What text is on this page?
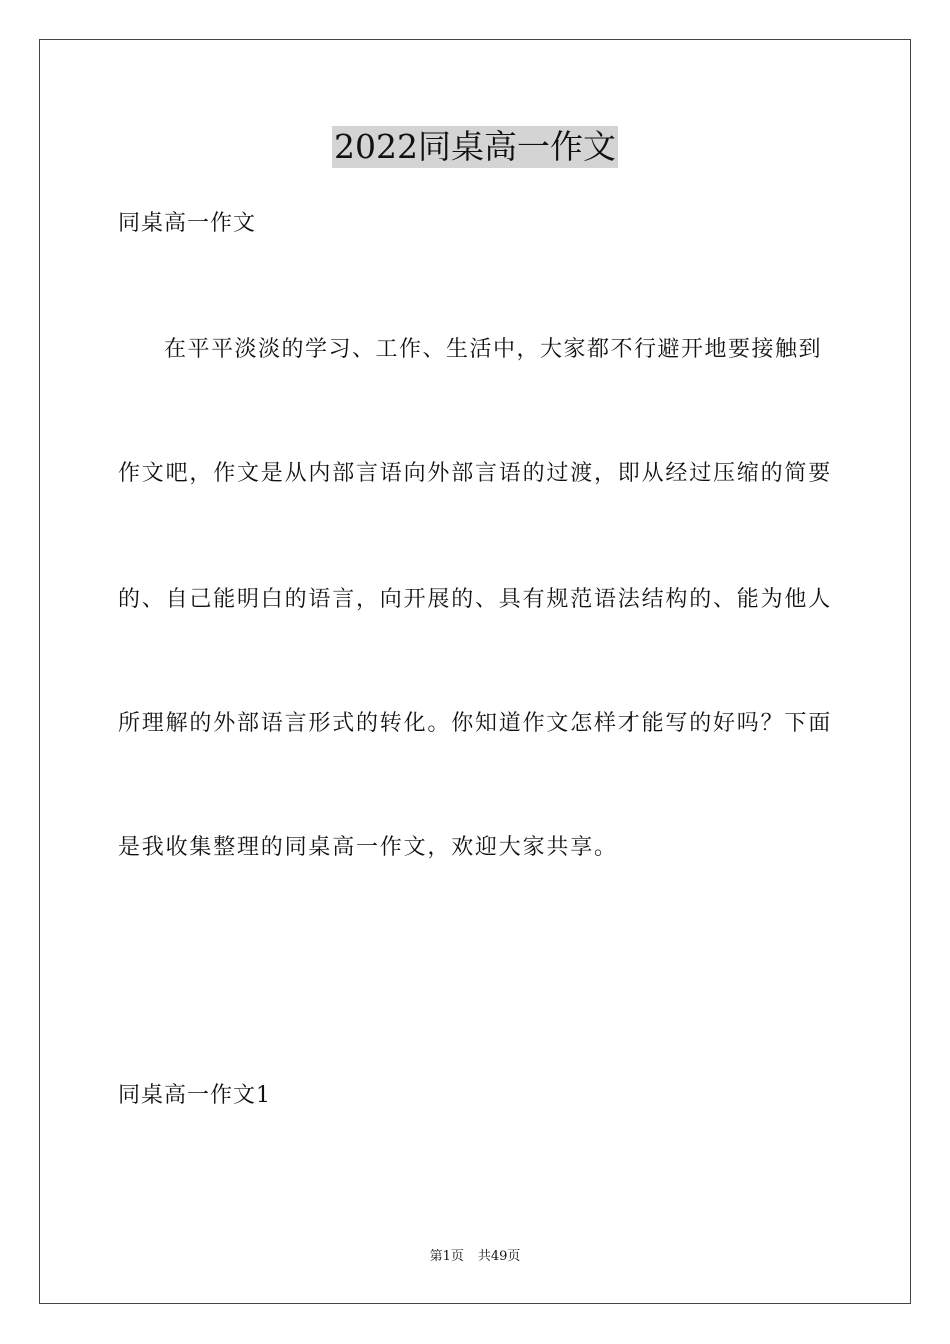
2022同桌高一作文
同桌高一作文
在平平淡淡的学习、工作、生活中，大家都不行避开地要接触到
作文吧，作文是从内部言语向外部言语的过渡，即从经过压缩的简要
的、自己能明白的语言，向开展的、具有规范语法结构的、能为他人
所理解的外部语言形式的转化。你知道作文怎样才能写的好吗？下面
是我收集整理的同桌高一作文，欢迎大家共享。
同桌高一作文1
第1页 共49页
